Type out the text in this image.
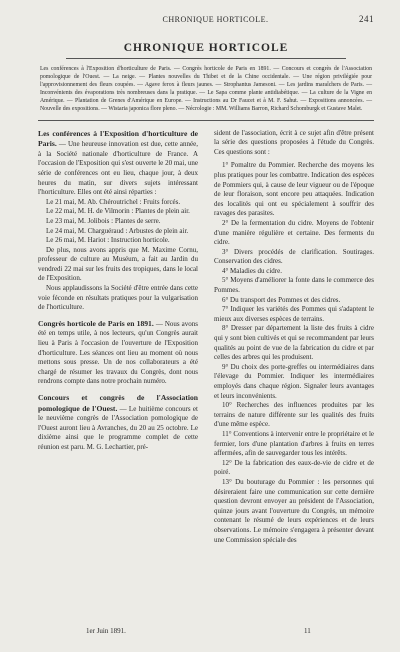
CHRONIQUE HORTICOLE.	241
CHRONIQUE HORTICOLE
Les conférences à l'Exposition d'horticulture de Paris. — Congrès horticole de Paris en 1891. — Concours et congrès de l'Association pomologique de l'Ouest. — La neige. — Plantes nouvelles du Thibet et de la Chine occidentale. — Une région privilégiée pour l'approvisionnement des fleurs coupées. — Agave ferox à fleurs jaunes. — Strophantus Jamesoni. — Les jardins maraîchers de Paris. — Inconvénients des évaporations très nombreuses dans la pratique. — Le Sapa comme plante antidiabétique. — La culture de la Vigne en Amérique. — Plantation de Grenes d'Amérique en Europe. — Instructions au Dr Faucet et à M. F. Sahut. — Expositions annoncées. — Nouvelle des expositions. — Wistaria japonica flore pleno. — Nécrologie : MM. Williams Barron, Richard Schomburgk et Gustave Malet.

Les conférences à l'Exposition d'horticulture de Paris. — Une heureuse innovation est due, cette année, à la Société nationale d'horticulture de France. A l'occasion de l'Exposition qui s'est ouverte le 20 mai, une série de conférences ont eu lieu, chaque jour, à deux heures du matin, sur divers sujets intéressant l'horticulture. Elles ont été ainsi réparties :

Le 21 mai, M. Ab. Chéroutrichel : Fruits forcés.

Le 22 mai, M. H. de Vilmorin : Plantes de plein air.

Le 23 mai, M. Jolibois : Plantes de serre.

Le 24 mai, M. Charguéraud : Arbustes de plein air.

Le 26 mai, M. Hariot : Instruction horticole.

De plus, nous avons appris que M. Maxime Cornu, professeur de culture au Muséum, a fait au Jardin du vendredi 22 mai sur les fruits des tropiques, dans le local de l'Exposition.

Nous applaudissons la Société d'être entrée dans cette voie féconde en résultats pratiques pour la vulgarisation de l'horticulture.

Congrès horticole de Paris en 1891. — Nous avons été en temps utile, à nos lecteurs, qu'un Congrès aurait lieu à Paris à l'occasion de l'ouverture de l'Exposition d'horticulture. Les séances ont lieu au moment où nous mettons sous presse. Un de nos collaborateurs a été chargé de résumer les travaux du Congrès, dont nous rendrons compte dans notre prochain numéro.

Concours et congrès de l'Association pomologique de l'Ouest. — Le huitième concours et le neuvième congrès de l'Association pomologique de l'Ouest auront lieu à Avranches, du 20 au 25 octobre. Le dixième ainsi que le programme complet de cette réunion est paru. M. G. Lechartier, pré-

sident de l'association, écrit à ce sujet afin d'être présent la série des questions proposées à l'étude du Congrès. Ces questions sont :

1° Pomaltre du Pommier. Recherche des moyens les plus pratiques pour les combattre. Indication des espèces de Pommiers qui, à cause de leur vigueur ou de l'époque de leur floraison, sont encore peu attaquées. Indication des localités qui ont eu spécialement à souffrir des ravages des parasites.

2° De la fermentation du cidre. Moyens de l'obtenir d'une manière régulière et certaine. Des ferments du cidre.

3° Divers procédés de clarification. Soutirages. Conservation des cidres.

4° Maladies du cidre.

5° Moyens d'améliorer la fonte dans le commerce des Pommes.

6° Du transport des Pommes et des cidres.

7° Indiquer les variétés des Pommes qui s'adaptent le mieux aux diverses espèces de terrains.

8° Dresser par département la liste des fruits à cidre qui y sont bien cultivés et qui se recommandent par leurs qualités au point de vue de la fabrication du cidre et par celles des arbres qui les produisent.

9° Du choix des porte-greffes ou intermédiaires dans l'élevage du Pommier. Indiquer les intermédiaires employés dans chaque région. Signaler leurs avantages et leurs inconvénients.

10° Recherches des influences produites par les terrains de nature différente sur les qualités des fruits d'une même espèce.

11° Conventions à intervenir entre le propriétaire et le fermier, lors d'une plantation d'arbres à fruits en terres affermées, afin de sauvegarder tous les intérêts.

12° De la fabrication des eaux-de-vie de cidre et de poiré.

13° Du bouturage du Pommier : les personnes qui désireraient faire une communication sur cette dernière question devront envoyer au président de l'Association, quinze jours avant l'ouverture du Congrès, un mémoire contenant le résumé de leurs expériences et de leurs observations. Le mémoire s'engagera à présenter devant une Commission spéciale des

1er Juin 1891.	11
